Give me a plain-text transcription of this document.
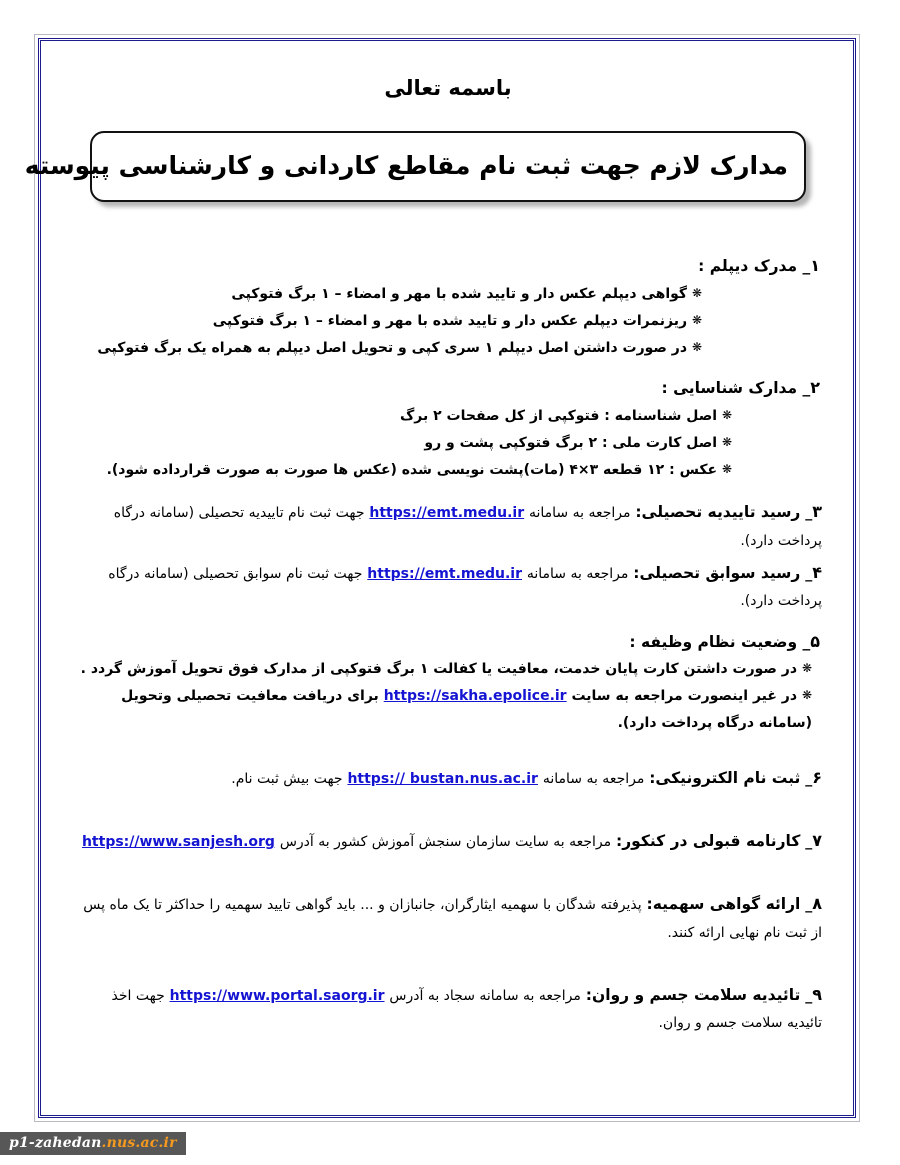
باسمه تعالی
مدارک لازم جهت ثبت نام مقاطع کاردانی و کارشناسی پیوسته
۱_ مدرک دیپلم :
❋ گواهی دیپلم عکس دار و تایید شده با مهر و امضاء – ۱ برگ فتوکپی
❋ ریزنمرات دیپلم عکس دار و تایید شده با مهر و امضاء – ۱ برگ فتوکپی
❋ در صورت داشتن اصل دیپلم ۱ سری کپی و تحویل اصل دیپلم به همراه یک برگ فتوکپی
۲_ مدارک شناسایی :
❋ اصل شناسنامه : فتوکپی از کل صفحات ۲ برگ
❋ اصل کارت ملی : ۲ برگ فتوکپی پشت و رو
❋ عکس : ۱۲ قطعه ۳×۴ (مات)پشت نویسی شده (عکس ها صورت به صورت قرارداده شود).
۳_ رسید تاییدیه تحصیلی: مراجعه به سامانه https://emt.medu.ir جهت ثبت نام تاییدیه تحصیلی (سامانه درگاه پرداخت دارد).
۴_ رسید سوابق تحصیلی: مراجعه به سامانه https://emt.medu.ir جهت ثبت نام سوابق تحصیلی (سامانه درگاه پرداخت دارد).
۵_ وضعیت نظام وظیفه :
❋ در صورت داشتن کارت پایان خدمت، معافیت یا کفالت ۱ برگ فتوکپی از مدارک فوق تحویل آموزش گردد .
❋ در غیر اینصورت مراجعه به سایت https://sakha.epolice.ir برای دریافت معافیت تحصیلی وتحویل (سامانه درگاه پرداخت دارد).
۶_ ثبت نام الکترونیکی: مراجعه به سامانه https:// bustan.nus.ac.ir جهت بیش ثبت نام.
۷_ کارنامه قبولی در کنکور: مراجعه به سایت سازمان سنجش آموزش کشور به آدرس https://www.sanjesh.org
۸_ ارائه گواهی سهمیه: پذیرفته شدگان با سهمیه ایثارگران، جانبازان و ... باید گواهی تایید سهمیه را حداکثر تا یک ماه پس از ثبت نام نهایی ارائه کنند.
۹_ تائیدیه سلامت جسم و روان: مراجعه به سامانه سجاد به آدرس https://www.portal.saorg.ir جهت اخذ تائیدیه سلامت جسم و روان.
p1-zahedan.nus.ac.ir
